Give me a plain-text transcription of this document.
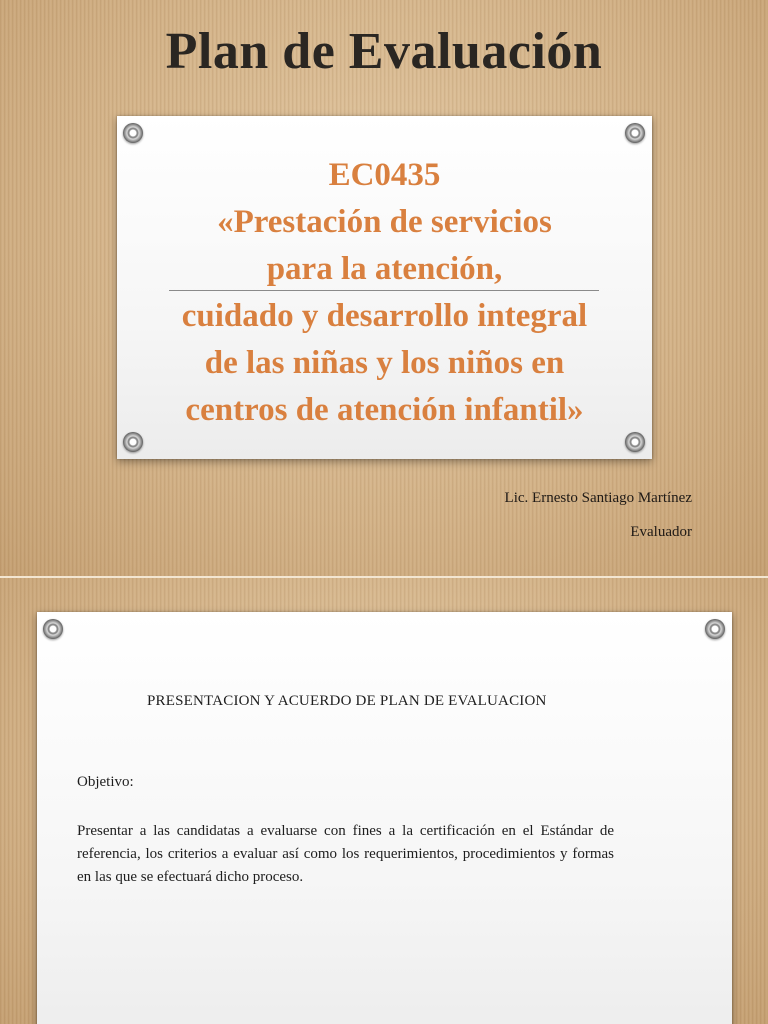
Plan de Evaluación
EC0435
«Prestación de servicios
para la atención,
cuidado y desarrollo integral
de las niñas y los niños en
centros de atención infantil»
Lic. Ernesto Santiago Martínez
Evaluador
PRESENTACION Y ACUERDO DE PLAN DE EVALUACION
Objetivo:
Presentar a las candidatas a evaluarse con fines a la certificación en el Estándar de referencia, los criterios a evaluar así como los requerimientos, procedimientos y formas en las que se efectuará dicho proceso.
